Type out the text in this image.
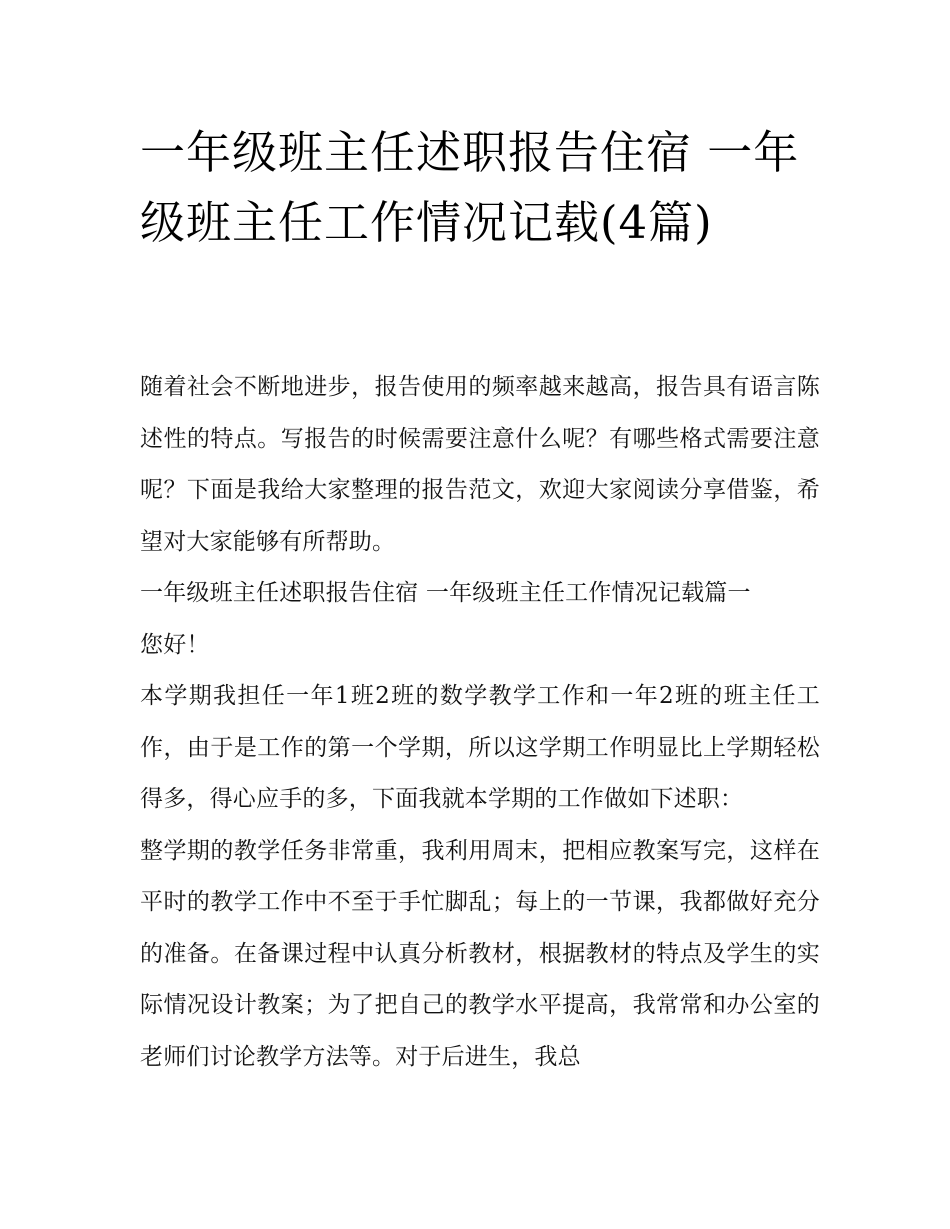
一年级班主任述职报告住宿 一年级班主任工作情况记载(4篇)

随着社会不断地进步，报告使用的频率越来越高，报告具有语言陈述性的特点。写报告的时候需要注意什么呢？有哪些格式需要注意呢？下面是我给大家整理的报告范文，欢迎大家阅读分享借鉴，希望对大家能够有所帮助。

一年级班主任述职报告住宿 一年级班主任工作情况记载篇一

您好！

本学期我担任一年1班2班的数学教学工作和一年2班的班主任工作，由于是工作的第一个学期，所以这学期工作明显比上学期轻松得多，得心应手的多，下面我就本学期的工作做如下述职：

整学期的教学任务非常重，我利用周末，把相应教案写完，这样在平时的教学工作中不至于手忙脚乱；每上的一节课，我都做好充分的准备。在备课过程中认真分析教材，根据教材的特点及学生的实际情况设计教案；为了把自己的教学水平提高，我常常和办公室的老师们讨论教学方法等。对于后进生，我总
